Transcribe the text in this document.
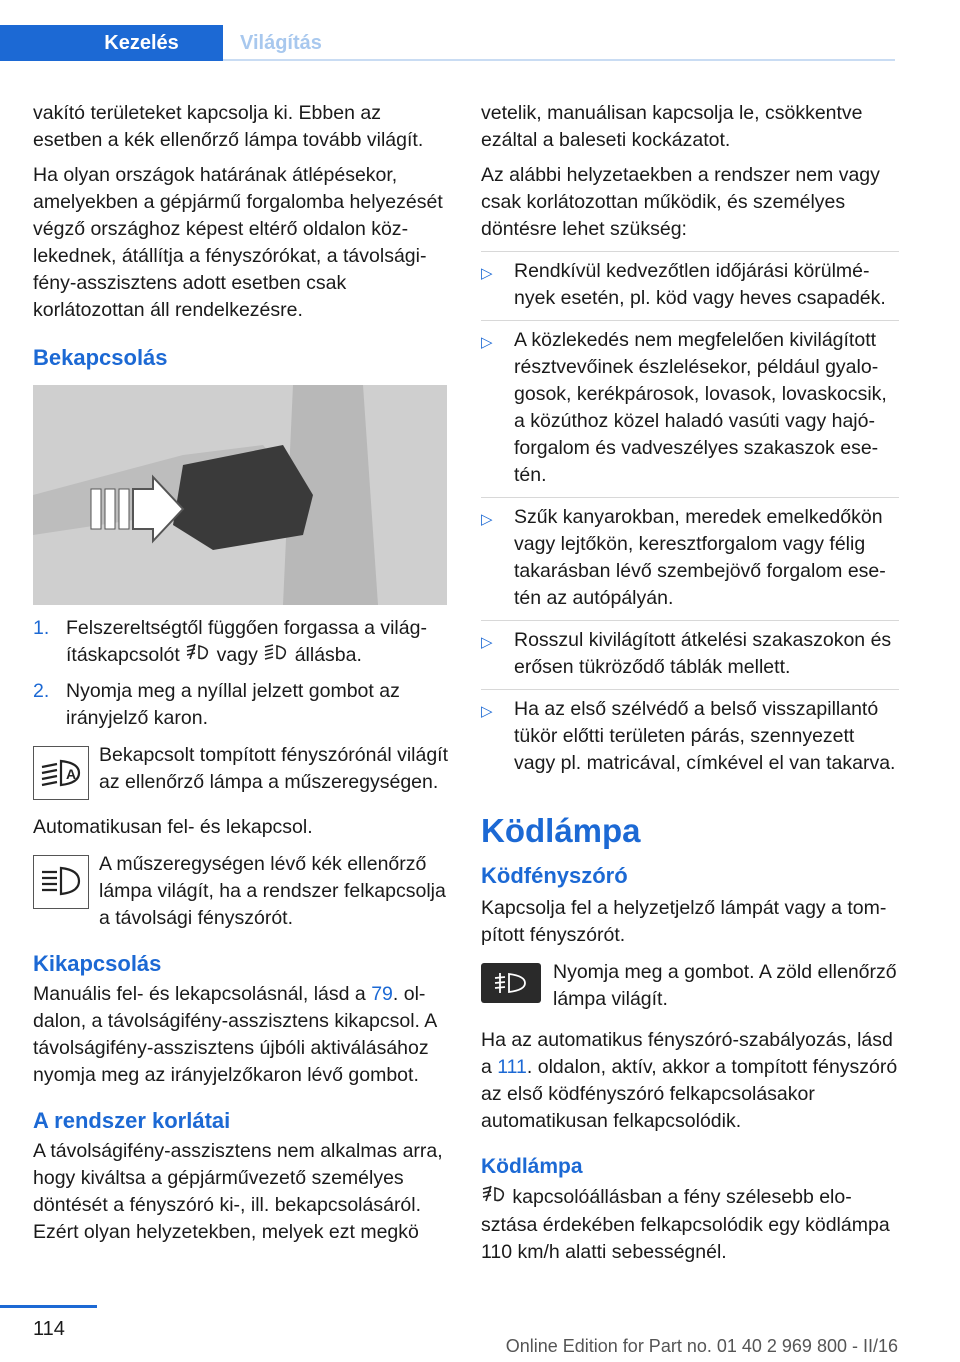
Kezelés	Világítás

vakító területeket kapcsolja ki. Ebben az esetben a kék ellenőrző lámpa tovább világít.

Ha olyan országok határának átlépésekor, amelyekben a gépjármű forgalomba helyezését végző országhoz képest eltérő oldalon közlekednek, átállítja a fényszórókat, a távolságifény-asszisztens adott esetben csak korlátozottan áll rendelkezésre.

Bekapcsolás
1. Felszereltségtől függően forgassa a világításkapcsolót vagy állásba.
2. Nyomja meg a nyíllal jelzett gombot az irányjelző karon.
A
Bekapcsolt tompított fényszórónál világít az ellenőrző lámpa a műszeregységen.

Automatikusan fel- és lekapcsol.

A műszeregységen lévő kék ellenőrző lámpa világít, ha a rendszer felkapcsolja a távolsági fényszórót.
Kikapcsolás

Manuális fel- és lekapcsolásnál, lásd a 79. oldalon, a távolságifény-asszisztens kikapcsol. A távolságifény-asszisztens újbóli aktiválásához nyomja meg az irányjelzőkaron lévő gombot.

A rendszer korlátai

A távolságifény-asszisztens nem alkalmas arra, hogy kiváltsa a gépjárművezető személyes döntését a fényszóró ki-, ill. bekapcsolásáról. Ezért olyan helyzetekben, melyek ezt megkö

vetelik, manuálisan kapcsolja le, csökkentve ezáltal a baleseti kockázatot.

Az alábbi helyzetaekben a rendszer nem vagy csak korlátozottan működik, és személyes döntésre lehet szükség:

▷ Rendkívül kedvezőtlen időjárási körülmények esetén, pl. köd vagy heves csapadék.
▷ A közlekedés nem megfelelően kivilágított résztvevőinek észlelésekor, például gyalogosok, kerékpárosok, lovasok, lovaskocsik, a közúthoz közel haladó vasúti vagy hajóforgalom és vadveszélyes szakaszok esetén.
▷ Szűk kanyarokban, meredek emelkedőkön vagy lejtőkön, keresztforgalom vagy félig takarásban lévő szembejövő forgalom esetén az autópályán.
▷ Rosszul kivilágított átkelési szakaszokon és erősen tükröződő táblák mellett.
▷ Ha az első szélvédő a belső visszapillantó tükör előtti területen párás, szennyezett vagy pl. matricával, címkével el van takarva.
Ködlámpa
Ködfényszóró

Kapcsolja fel a helyzetjelző lámpát vagy a tompított fényszórót.

Nyomja meg a gombot. A zöld ellenőrző lámpa világít.

Ha az automatikus fényszóró-szabályozás, lásd a 111. oldalon, aktív, akkor a tompított fényszóró az első ködfényszóró felkapcsolásakor automatikusan felkapcsolódik.

Ködlámpa

kapcsolóállásban a fény szélesebb elosztása érdekében felkapcsolódik egy ködlámpa 110 km/h alatti sebességnél.

114
Online Edition for Part no. 01 40 2 969 800 - II/16
